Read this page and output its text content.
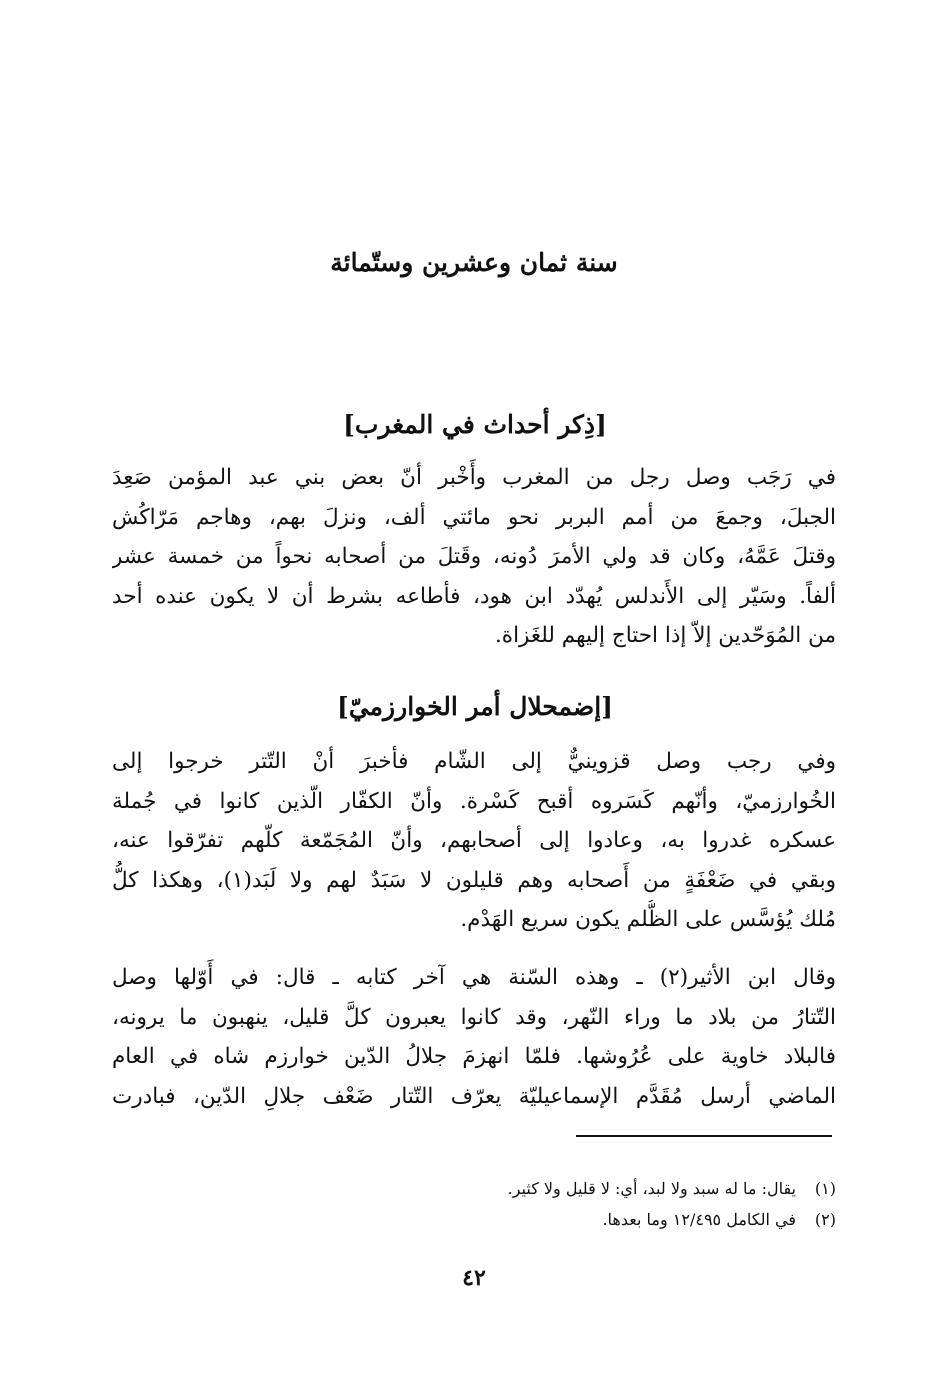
سنة ثمان وعشرين وستّمائة
[ذِكر أحداث في المغرب]

في رَجَب وصل رجل من المغرب وأَخْبر أنّ بعض بني عبد المؤمن صَعِدَ
الجبلَ، وجمعَ من أمم البربر نحو مائتي ألف، ونزلَ بهم، وهاجم مَرّاكُش
وقتلَ عَمَّهُ، وكان قد ولي الأمرَ دُونه، وقَتلَ من أصحابه نحواً من خمسة عشر
ألفاً. وسَيّر إلى الأَندلس يُهدّد ابن هود، فأطاعه بشرط أن لا يكون عنده أحد
من المُوَحّدين إلاّ إذا احتاج إليهم للغَزاة.

[إضمحلال أمر الخوارزميّ]

وفي رجب وصل قزوينيٌّ إلى الشّام فأخبرَ أنْ التّتر خرجوا إلى
الخُوارزميّ، وأنّهم كَسَروه أقبح كَسْرة. وأنّ الكفّار الّذين كانوا في جُملة
عسكره غدروا به، وعادوا إلى أصحابهم، وأنّ المُجَمّعة كلّهم تفرّقوا عنه،
وبقي في ضَعْفَةٍ من أَصحابه وهم قليلون لا سَبَدٌ لهم ولا لَبَد(١)، وهكذا كلُّ
مُلك يُؤسَّس على الظُّلم يكون سريع الهَدْم.

وقال ابن الأثير(٢) ـ وهذه السّنة هي آخر كتابه ـ قال: في أَوّلها وصل
التّتارُ من بلاد ما وراء النّهر، وقد كانوا يعبرون كلَّ قليل، ينهبون ما يرونه،
فالبلاد خاوية على عُرُوشها. فلمّا انهزمَ جلالُ الدّين خوارزم شاه في العام
الماضي أرسل مُقَدَّم الإسماعيليّة يعرّف التّتار ضَعْف جلالِ الدّين، فبادرت

(١)
يقال: ما له سبد ولا لبد، أي: لا قليل ولا كثير.
(٢)
في الكامل ١٢/٤٩٥ وما بعدها.
٤٢
